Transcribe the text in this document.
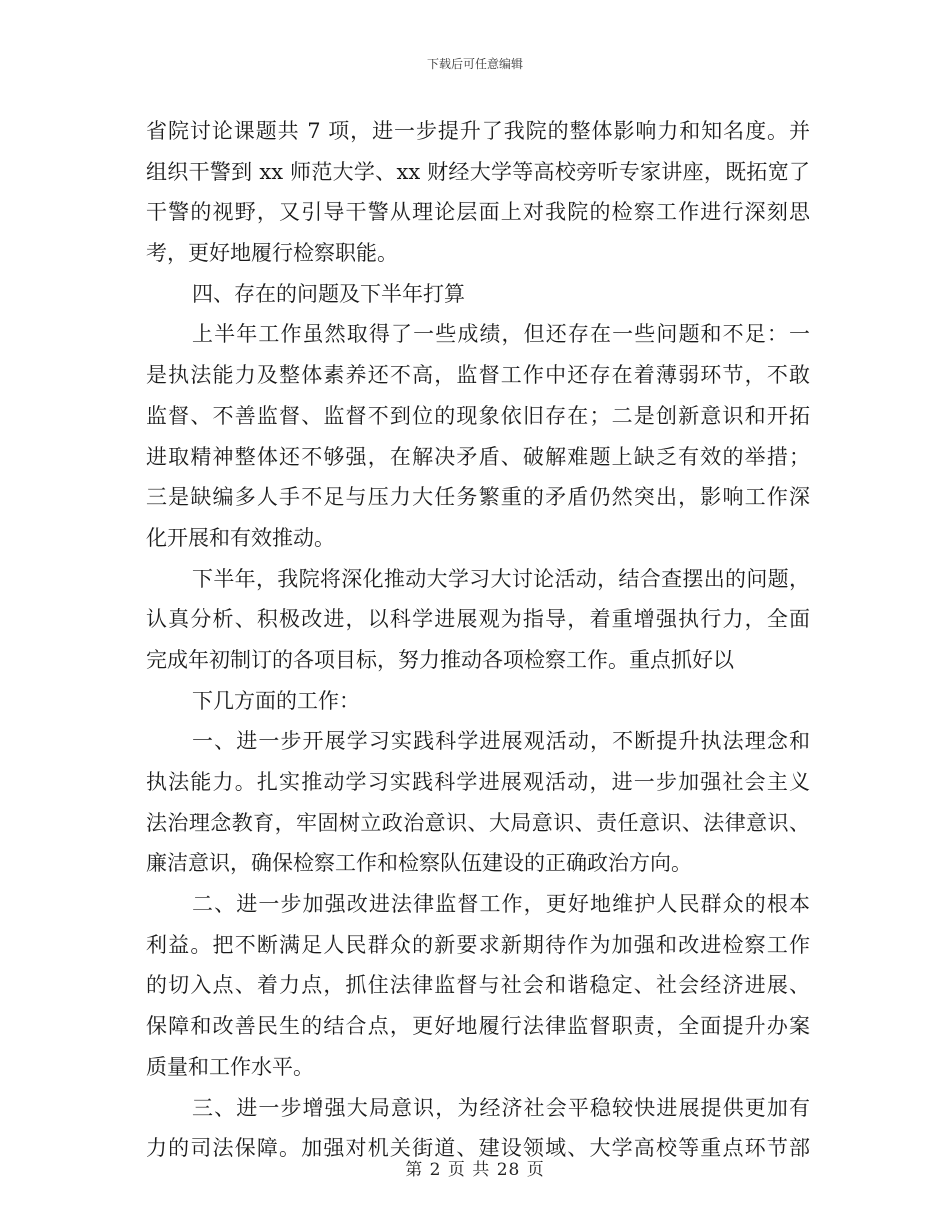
下载后可任意编辑
省院讨论课题共 7 项，进一步提升了我院的整体影响力和知名度。并
组织干警到 xx 师范大学、xx 财经大学等高校旁听专家讲座，既拓宽了
干警的视野，又引导干警从理论层面上对我院的检察工作进行深刻思
考，更好地履行检察职能。
四、存在的问题及下半年打算
上半年工作虽然取得了一些成绩，但还存在一些问题和不足：一
是执法能力及整体素养还不高，监督工作中还存在着薄弱环节，不敢
监督、不善监督、监督不到位的现象依旧存在；二是创新意识和开拓
进取精神整体还不够强，在解决矛盾、破解难题上缺乏有效的举措；
三是缺编多人手不足与压力大任务繁重的矛盾仍然突出，影响工作深
化开展和有效推动。
下半年，我院将深化推动大学习大讨论活动，结合查摆出的问题，
认真分析、积极改进，以科学进展观为指导，着重增强执行力，全面
完成年初制订的各项目标，努力推动各项检察工作。重点抓好以
下几方面的工作：
一、进一步开展学习实践科学进展观活动，不断提升执法理念和
执法能力。扎实推动学习实践科学进展观活动，进一步加强社会主义
法治理念教育，牢固树立政治意识、大局意识、责任意识、法律意识、
廉洁意识，确保检察工作和检察队伍建设的正确政治方向。
二、进一步加强改进法律监督工作，更好地维护人民群众的根本
利益。把不断满足人民群众的新要求新期待作为加强和改进检察工作
的切入点、着力点，抓住法律监督与社会和谐稳定、社会经济进展、
保障和改善民生的结合点，更好地履行法律监督职责，全面提升办案
质量和工作水平。
三、进一步增强大局意识，为经济社会平稳较快进展提供更加有
力的司法保障。加强对机关街道、建设领域、大学高校等重点环节部
第 2 页 共 28 页
